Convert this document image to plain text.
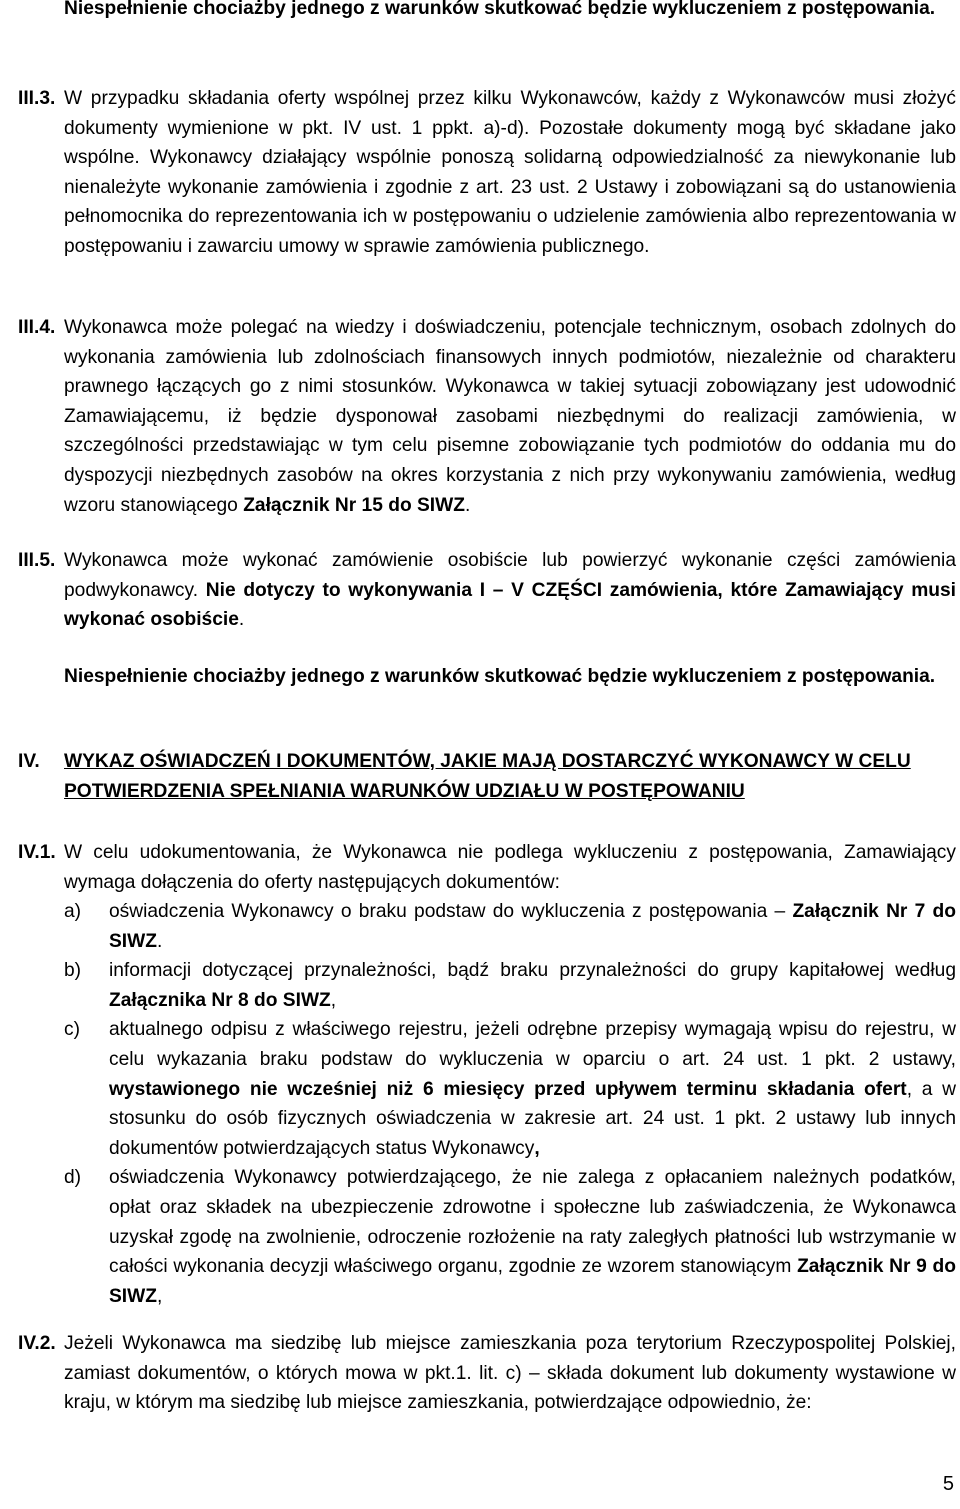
Niespełnienie chociażby jednego z warunków skutkować będzie wykluczeniem z postępowania.
III.3. W przypadku składania oferty wspólnej przez kilku Wykonawców, każdy z Wykonawców musi złożyć dokumenty wymienione w pkt. IV ust. 1 ppkt. a)-d). Pozostałe dokumenty mogą być składane jako wspólne. Wykonawcy działający wspólnie ponoszą solidarną odpowiedzialność za niewykonanie lub nienależyte wykonanie zamówienia i zgodnie z art. 23 ust. 2 Ustawy i zobowiązani są do ustanowienia pełnomocnika do reprezentowania ich w postępowaniu o udzielenie zamówienia albo reprezentowania w postępowaniu i zawarciu umowy w sprawie zamówienia publicznego.
III.4. Wykonawca może polegać na wiedzy i doświadczeniu, potencjale technicznym, osobach zdolnych do wykonania zamówienia lub zdolnościach finansowych innych podmiotów, niezależnie od charakteru prawnego łączących go z nimi stosunków. Wykonawca w takiej sytuacji zobowiązany jest udowodnić Zamawiającemu, iż będzie dysponował zasobami niezbędnymi do realizacji zamówienia, w szczególności przedstawiając w tym celu pisemne zobowiązanie tych podmiotów do oddania mu do dyspozycji niezbędnych zasobów na okres korzystania z nich przy wykonywaniu zamówienia, według wzoru stanowiącego Załącznik Nr 15 do SIWZ.
III.5. Wykonawca może wykonać zamówienie osobiście lub powierzyć wykonanie części zamówienia podwykonawcy. Nie dotyczy to wykonywania I – V CZĘŚCI zamówienia, które Zamawiający musi wykonać osobiście.
Niespełnienie chociażby jednego z warunków skutkować będzie wykluczeniem z postępowania.
IV. WYKAZ OŚWIADCZEŃ I DOKUMENTÓW, JAKIE MAJĄ DOSTARCZYĆ WYKONAWCY W CELU POTWIERDZENIA SPEŁNIANIA WARUNKÓW UDZIAŁU W POSTĘPOWANIU
IV.1. W celu udokumentowania, że Wykonawca nie podlega wykluczeniu z postępowania, Zamawiający wymaga dołączenia do oferty następujących dokumentów:
a) oświadczenia Wykonawcy o braku podstaw do wykluczenia z postępowania – Załącznik Nr 7 do SIWZ.
b) informacji dotyczącej przynależności, bądź braku przynależności do grupy kapitałowej według Załącznika Nr 8 do SIWZ,
c) aktualnego odpisu z właściwego rejestru, jeżeli odrębne przepisy wymagają wpisu do rejestru, w celu wykazania braku podstaw do wykluczenia w oparciu o art. 24 ust. 1 pkt. 2 ustawy, wystawionego nie wcześniej niż 6 miesięcy przed upływem terminu składania ofert, a w stosunku do osób fizycznych oświadczenia w zakresie art. 24 ust. 1 pkt. 2 ustawy lub innych dokumentów potwierdzających status Wykonawcy,
d) oświadczenia Wykonawcy potwierdzającego, że nie zalega z opłacaniem należnych podatków, opłat oraz składek na ubezpieczenie zdrowotne i społeczne lub zaświadczenia, że Wykonawca uzyskał zgodę na zwolnienie, odroczenie rozłożenie na raty zaległych płatności lub wstrzymanie w całości wykonania decyzji właściwego organu, zgodnie ze wzorem stanowiącym Załącznik Nr 9 do SIWZ,
IV.2. Jeżeli Wykonawca ma siedzibę lub miejsce zamieszkania poza terytorium Rzeczypospolitej Polskiej, zamiast dokumentów, o których mowa w pkt.1. lit. c) – składa dokument lub dokumenty wystawione w kraju, w którym ma siedzibę lub miejsce zamieszkania, potwierdzające odpowiednio, że:
5
